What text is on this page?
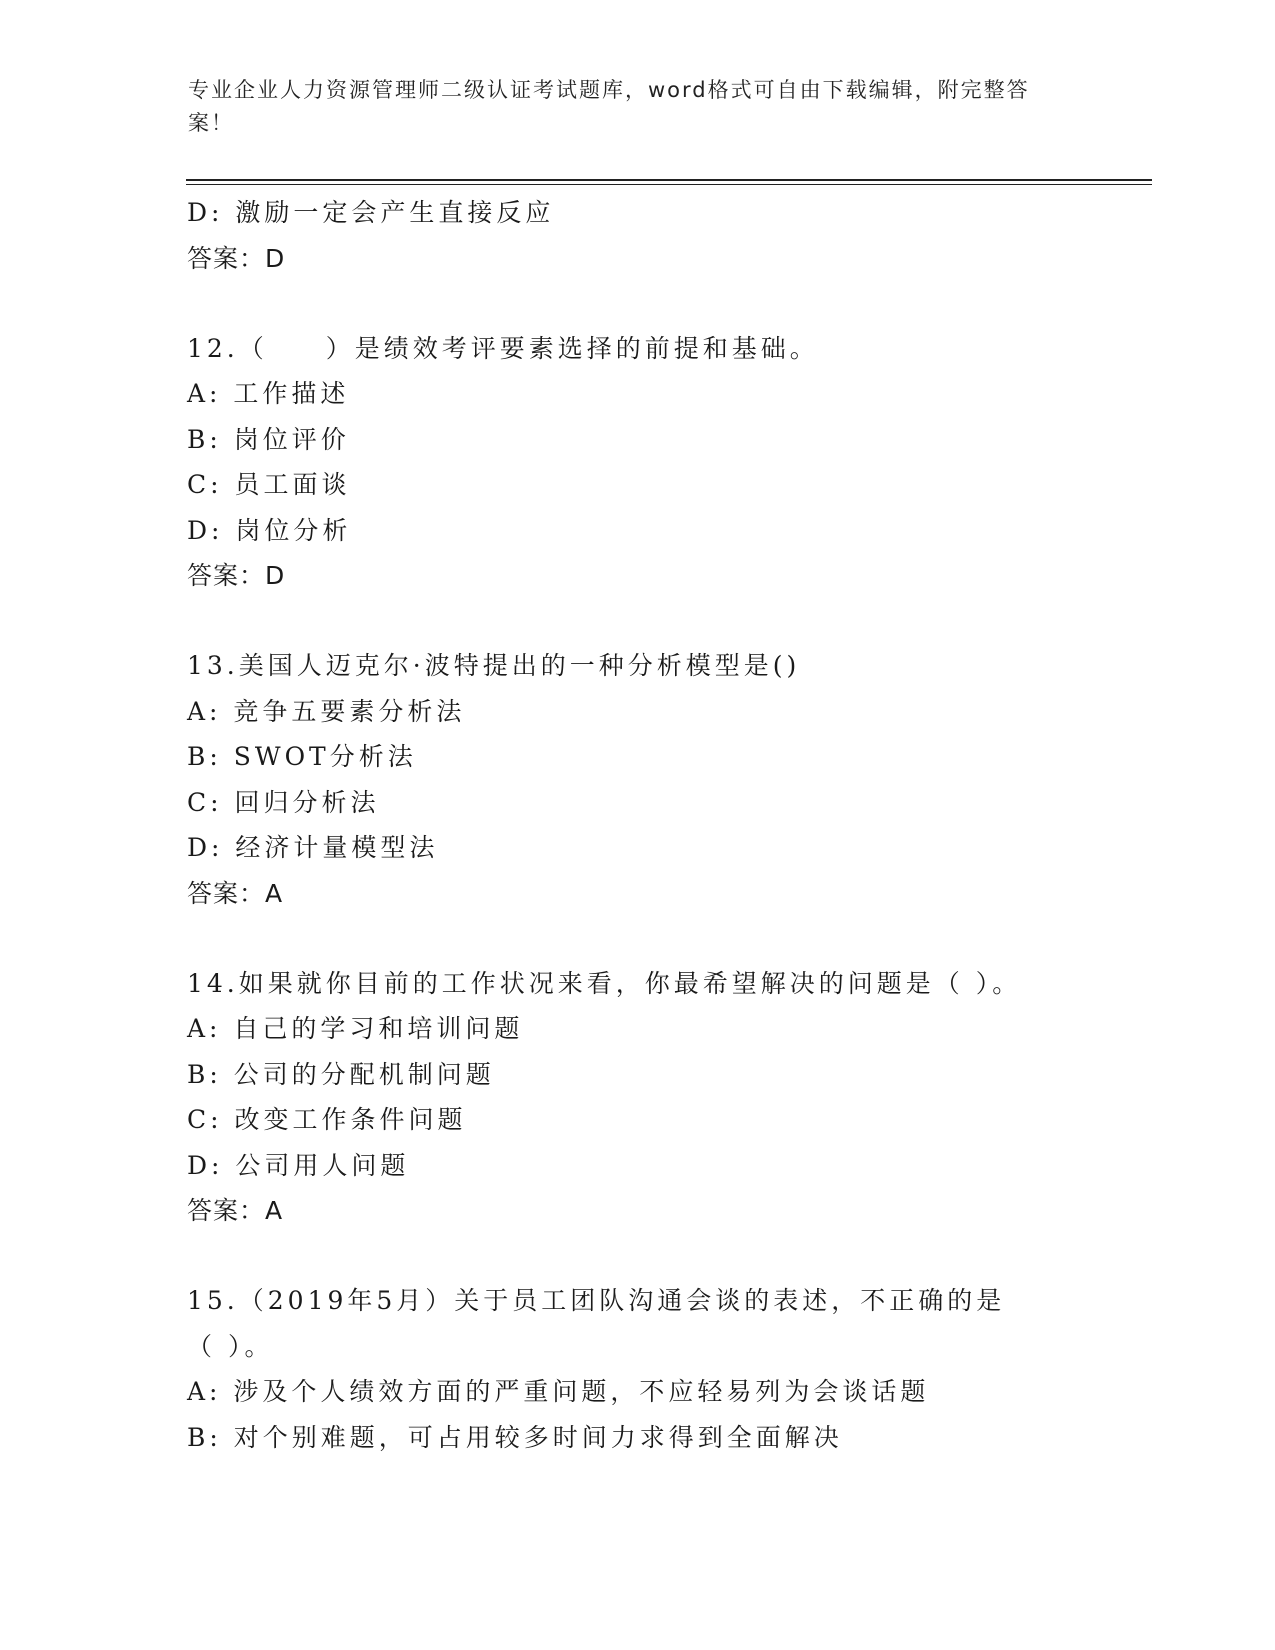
专业企业人力资源管理师二级认证考试题库，word格式可自由下载编辑，附完整答案！
D: 激励一定会产生直接反应
答案：D
12.（　　）是绩效考评要素选择的前提和基础。
A: 工作描述
B: 岗位评价
C: 员工面谈
D: 岗位分析
答案：D
13.美国人迈克尔·波特提出的一种分析模型是()
A: 竞争五要素分析法
B: SWOT分析法
C: 回归分析法
D: 经济计量模型法
答案：A
14.如果就你目前的工作状况来看，你最希望解决的问题是（ ）。
A: 自己的学习和培训问题
B: 公司的分配机制问题
C: 改变工作条件问题
D: 公司用人问题
答案：A
15.（2019年5月）关于员工团队沟通会谈的表述，不正确的是（ ）。
A: 涉及个人绩效方面的严重问题，不应轻易列为会谈话题
B: 对个别难题，可占用较多时间力求得到全面解决
